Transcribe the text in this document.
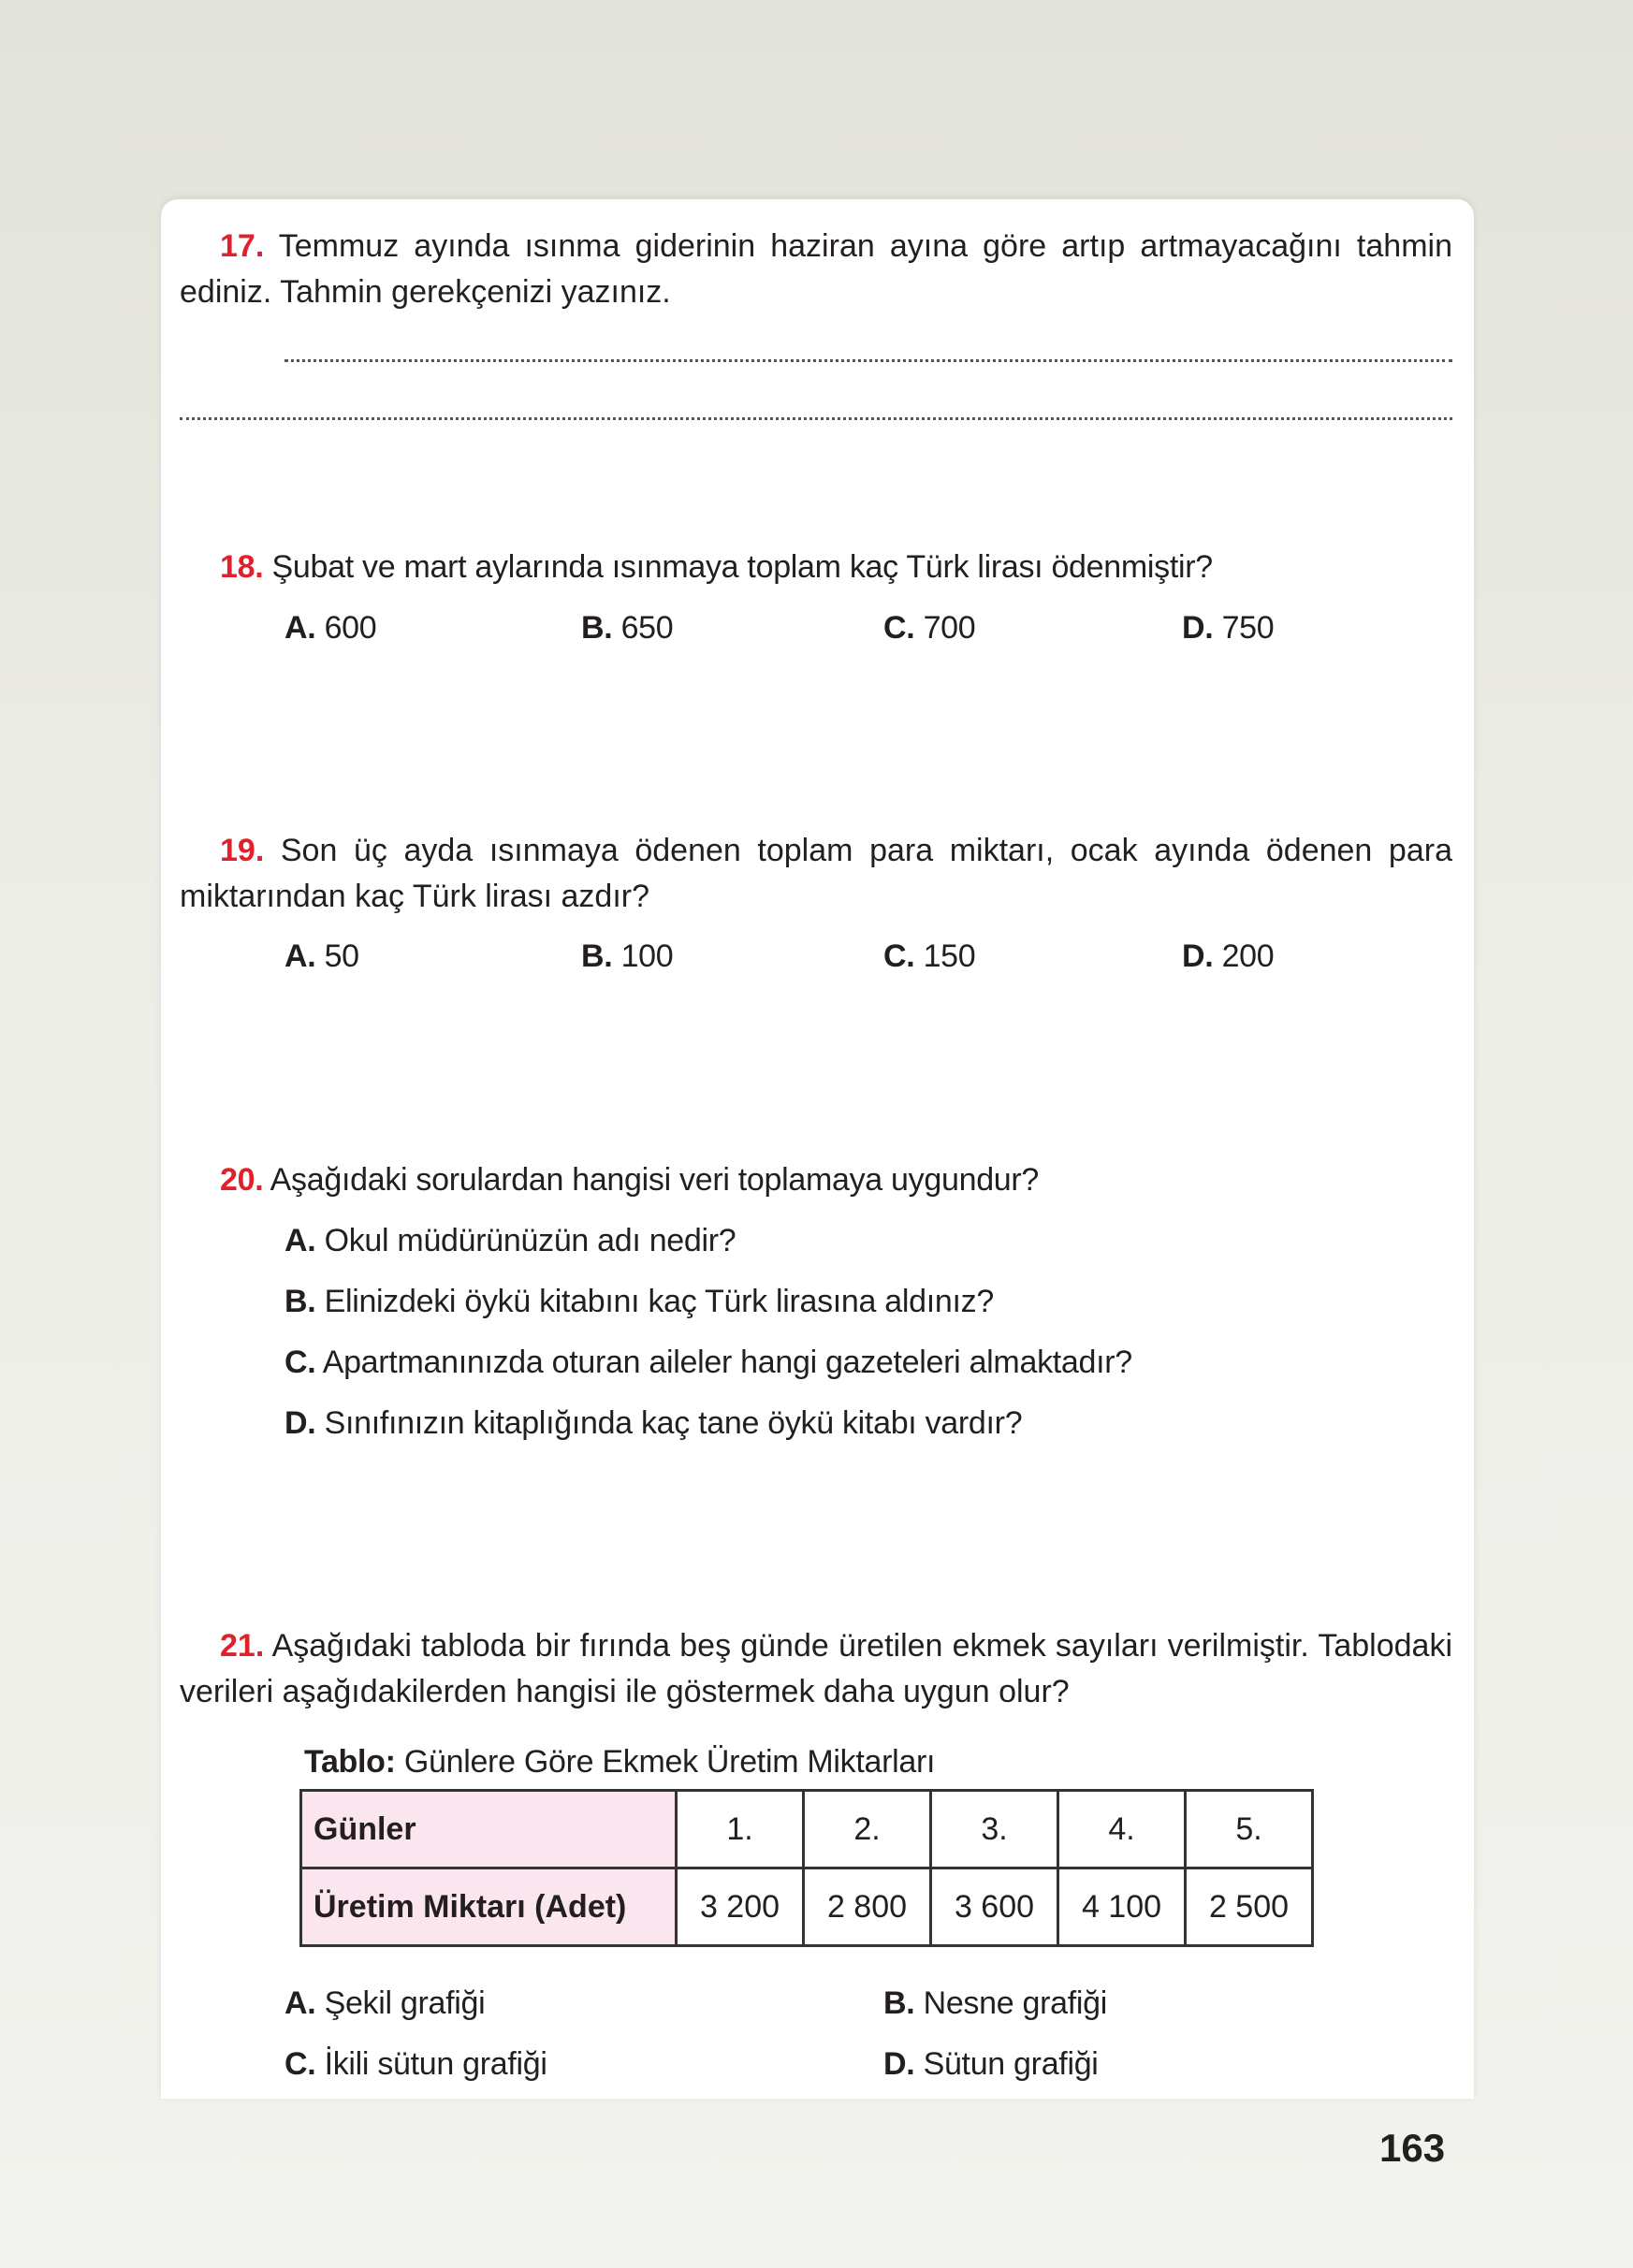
17. Temmuz ayında ısınma giderinin haziran ayına göre artıp artmayacağını tahmin ediniz. Tahmin gerekçenizi yazınız.
18. Şubat ve mart aylarında ısınmaya toplam kaç Türk lirası ödenmiştir?
A. 600	B. 650	C. 700	D. 750
19. Son üç ayda ısınmaya ödenen toplam para miktarı, ocak ayında ödenen para miktarından kaç Türk lirası azdır?
A. 50	B. 100	C. 150	D. 200
20. Aşağıdaki sorulardan hangisi veri toplamaya uygundur?
A. Okul müdürünüzün adı nedir?
B. Elinizdeki öykü kitabını kaç Türk lirasına aldınız?
C. Apartmanınızda oturan aileler hangi gazeteleri almaktadır?
D. Sınıfınızın kitaplığında kaç tane öykü kitabı vardır?
21. Aşağıdaki tabloda bir fırında beş günde üretilen ekmek sayıları verilmiştir. Tablodaki verileri aşağıdakilerden hangisi ile göstermek daha uygun olur?
Tablo: Günlere Göre Ekmek Üretim Miktarları
Günler	1.	2.	3.	4.	5.
Üretim Miktarı (Adet)	3 200	2 800	3 600	4 100	2 500
A. Şekil grafiği	B. Nesne grafiği
C. İkili sütun grafiği	D. Sütun grafiği
163
